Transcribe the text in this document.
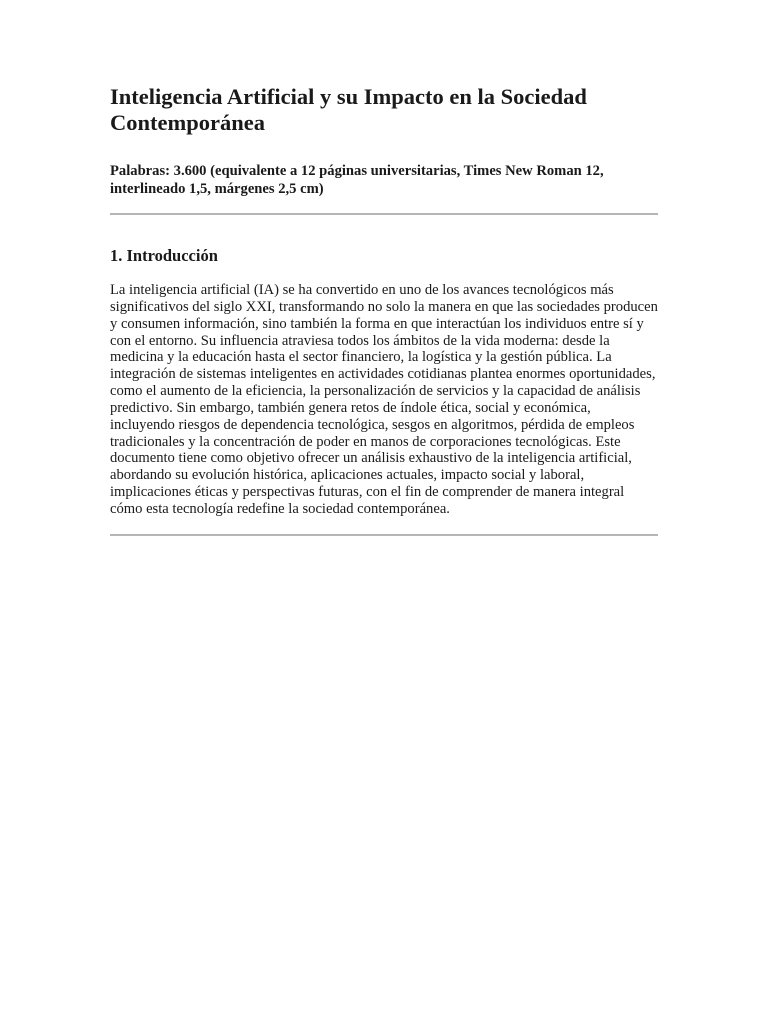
Inteligencia Artificial y su Impacto en la Sociedad Contemporánea

Palabras: 3.600 (equivalente a 12 páginas universitarias, Times New Roman 12, interlineado 1,5, márgenes 2,5 cm)

1. Introducción

La inteligencia artificial (IA) se ha convertido en uno de los avances tecnológicos más significativos del siglo XXI, transformando no solo la manera en que las sociedades producen y consumen información, sino también la forma en que interactúan los individuos entre sí y con el entorno. Su influencia atraviesa todos los ámbitos de la vida moderna: desde la medicina y la educación hasta el sector financiero, la logística y la gestión pública. La integración de sistemas inteligentes en actividades cotidianas plantea enormes oportunidades, como el aumento de la eficiencia, la personalización de servicios y la capacidad de análisis predictivo. Sin embargo, también genera retos de índole ética, social y económica, incluyendo riesgos de dependencia tecnológica, sesgos en algoritmos, pérdida de empleos tradicionales y la concentración de poder en manos de corporaciones tecnológicas. Este documento tiene como objetivo ofrecer un análisis exhaustivo de la inteligencia artificial, abordando su evolución histórica, aplicaciones actuales, impacto social y laboral, implicaciones éticas y perspectivas futuras, con el fin de comprender de manera integral cómo esta tecnología redefine la sociedad contemporánea.
